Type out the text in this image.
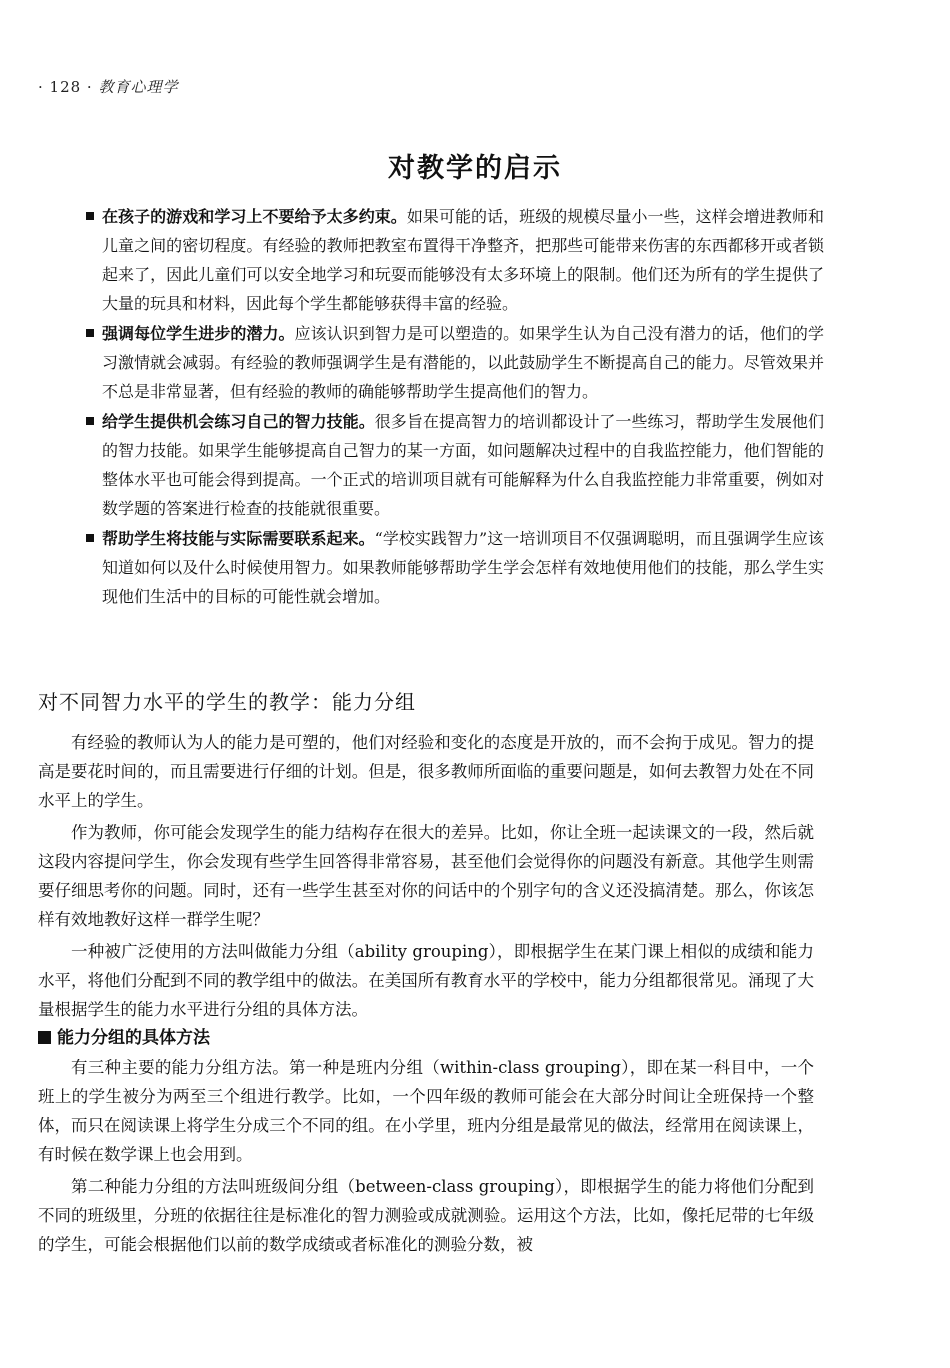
· 128 · 教育心理学
对教学的启示
在孩子的游戏和学习上不要给予太多约束。如果可能的话，班级的规模尽量小一些，这样会增进教师和儿童之间的密切程度。有经验的教师把教室布置得干净整齐，把那些可能带来伤害的东西都移开或者锁起来了，因此儿童们可以安全地学习和玩耍而能够没有太多环境上的限制。他们还为所有的学生提供了大量的玩具和材料，因此每个学生都能够获得丰富的经验。
强调每位学生进步的潜力。应该认识到智力是可以塑造的。如果学生认为自己没有潜力的话，他们的学习激情就会减弱。有经验的教师强调学生是有潜能的，以此鼓励学生不断提高自己的能力。尽管效果并不总是非常显著，但有经验的教师的确能够帮助学生提高他们的智力。
给学生提供机会练习自己的智力技能。很多旨在提高智力的培训都设计了一些练习，帮助学生发展他们的智力技能。如果学生能够提高自己智力的某一方面，如问题解决过程中的自我监控能力，他们智能的整体水平也可能会得到提高。一个正式的培训项目就有可能解释为什么自我监控能力非常重要，例如对数学题的答案进行检查的技能就很重要。
帮助学生将技能与实际需要联系起来。“学校实践智力”这一培训项目不仅强调聪明，而且强调学生应该知道如何以及什么时候使用智力。如果教师能够帮助学生学会怎样有效地使用他们的技能，那么学生实现他们生活中的目标的可能性就会增加。
对不同智力水平的学生的教学：能力分组

有经验的教师认为人的能力是可塑的，他们对经验和变化的态度是开放的，而不会拘于成见。智力的提高是要花时间的，而且需要进行仔细的计划。但是，很多教师所面临的重要问题是，如何去教智力处在不同水平上的学生。

作为教师，你可能会发现学生的能力结构存在很大的差异。比如，你让全班一起读课文的一段，然后就这段内容提问学生，你会发现有些学生回答得非常容易，甚至他们会觉得你的问题没有新意。其他学生则需要仔细思考你的问题。同时，还有一些学生甚至对你的问话中的个别字句的含义还没搞清楚。那么，你该怎样有效地教好这样一群学生呢？

一种被广泛使用的方法叫做能力分组（ability grouping），即根据学生在某门课上相似的成绩和能力水平，将他们分配到不同的教学组中的做法。在美国所有教育水平的学校中，能力分组都很常见。涌现了大量根据学生的能力水平进行分组的具体方法。

能力分组的具体方法

有三种主要的能力分组方法。第一种是班内分组（within-class grouping），即在某一科目中，一个班上的学生被分为两至三个组进行教学。比如，一个四年级的教师可能会在大部分时间让全班保持一个整体，而只在阅读课上将学生分成三个不同的组。在小学里，班内分组是最常见的做法，经常用在阅读课上，有时候在数学课上也会用到。

第二种能力分组的方法叫班级间分组（between-class grouping），即根据学生的能力将他们分配到不同的班级里，分班的依据往往是标准化的智力测验或成就测验。运用这个方法，比如，像托尼带的七年级的学生，可能会根据他们以前的数学成绩或者标准化的测验分数，被
